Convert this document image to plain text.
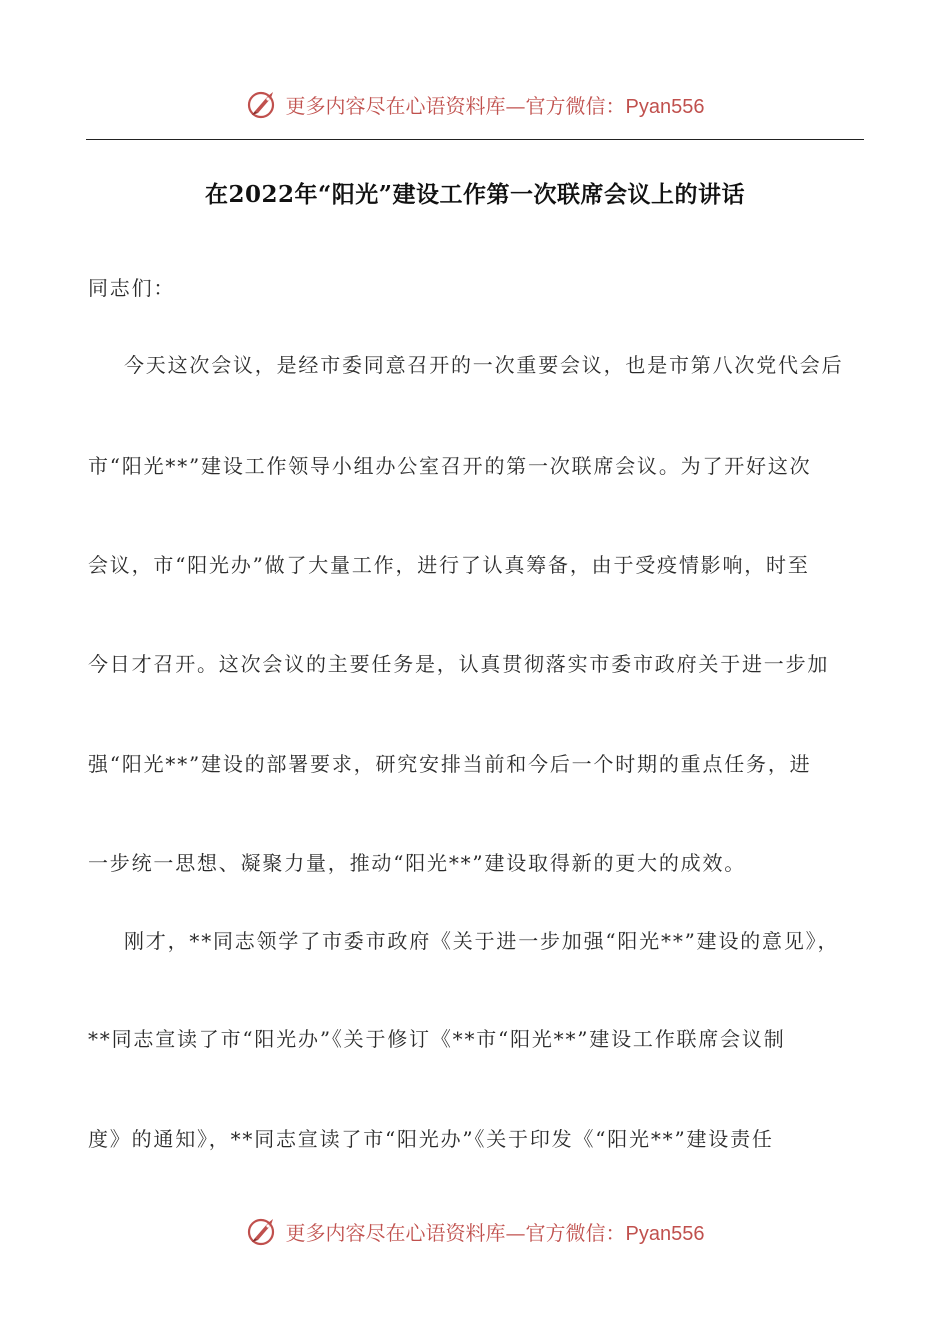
更多内容尽在心语资料库—官方微信：Pyan556
在2022年“阳光”建设工作第一次联席会议上的讲话
同志们：
今天这次会议，是经市委同意召开的一次重要会议，也是市第八次党代会后
市“阳光**”建设工作领导小组办公室召开的第一次联席会议。为了开好这次
会议，市“阳光办”做了大量工作，进行了认真筹备，由于受疫情影响，时至
今日才召开。这次会议的主要任务是，认真贯彻落实市委市政府关于进一步加
强“阳光**”建设的部署要求，研究安排当前和今后一个时期的重点任务，进
一步统一思想、凝聚力量，推动“阳光**”建设取得新的更大的成效。
刚才，**同志领学了市委市政府《关于进一步加强“阳光**”建设的意见》，
**同志宣读了市“阳光办”《关于修订《**市“阳光**”建设工作联席会议制
度》的通知》，**同志宣读了市“阳光办”《关于印发《“阳光**”建设责任
更多内容尽在心语资料库—官方微信：Pyan556
